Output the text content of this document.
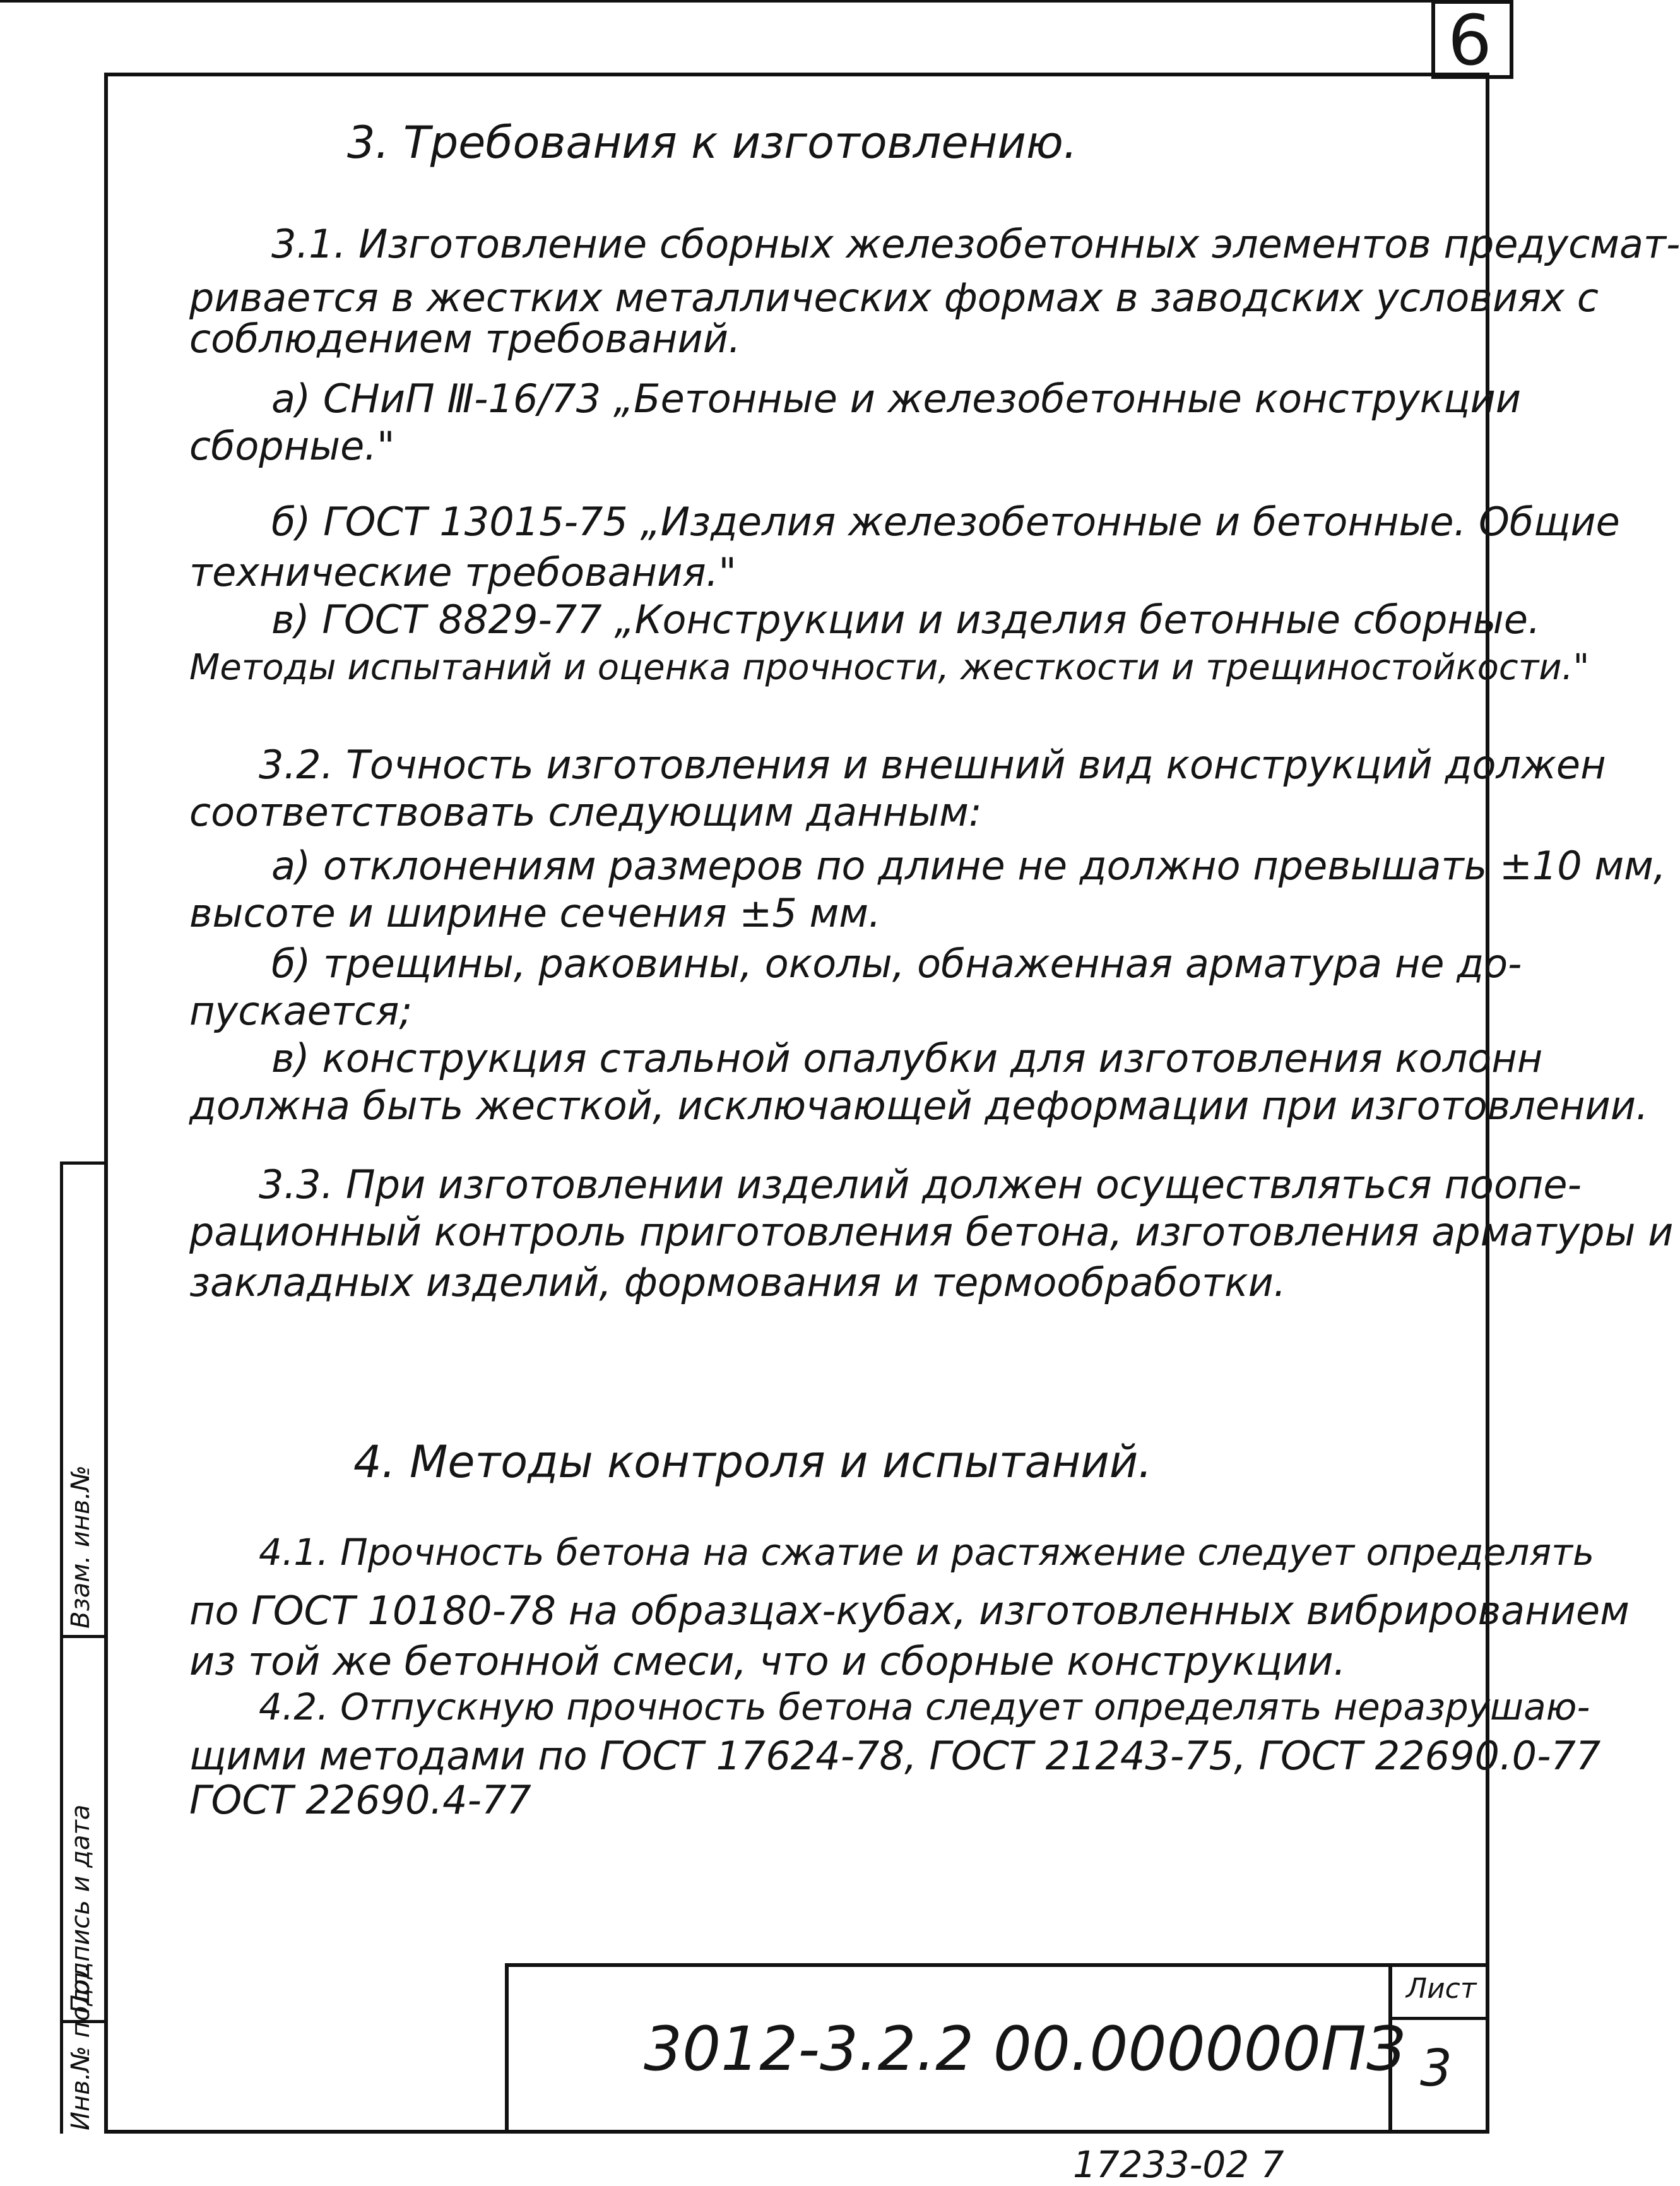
6
Взам. инв.№
Подпись и дата
Инв.№ подл.
3. Требования к изготовлению.
3.1. Изготовление сборных железобетонных элементов предусмат-
ривается в жестких металлических формах в заводских условиях с
соблюдением требований.
а) СНиП Ⅲ-16/73 „Бетонные и железобетонные конструкции
сборные."
б) ГОСТ 13015-75 „Изделия железобетонные и бетонные. Общие
технические требования."
в) ГОСТ 8829-77 „Конструкции и изделия бетонные сборные.
Методы испытаний и оценка прочности, жесткости и трещиностойкости."
3.2. Точность изготовления и внешний вид конструкций должен
соответствовать следующим данным:
а) отклонениям размеров по длине не должно превышать ±10 мм,
высоте и ширине сечения ±5 мм.
б) трещины, раковины, околы, обнаженная арматура не до-
пускается;
в) конструкция стальной опалубки для изготовления колонн
должна быть жесткой, исключающей деформации при изготовлении.
3.3. При изготовлении изделий должен осуществляться поопе-
рационный контроль приготовления бетона, изготовления арматуры и
закладных изделий, формования и термообработки.
4. Методы контроля и испытаний.
4.1. Прочность бетона на сжатие и растяжение следует определять
по ГОСТ 10180-78 на образцах-кубах, изготовленных вибрированием
из той же бетонной смеси, что и сборные конструкции.
4.2. Отпускную прочность бетона следует определять неразрушаю-
щими методами по ГОСТ 17624-78, ГОСТ 21243-75, ГОСТ 22690.0-77
ГОСТ 22690.4-77
Лист
3
3012-3.2.2 00.000000ПЗ
17233-02 7
